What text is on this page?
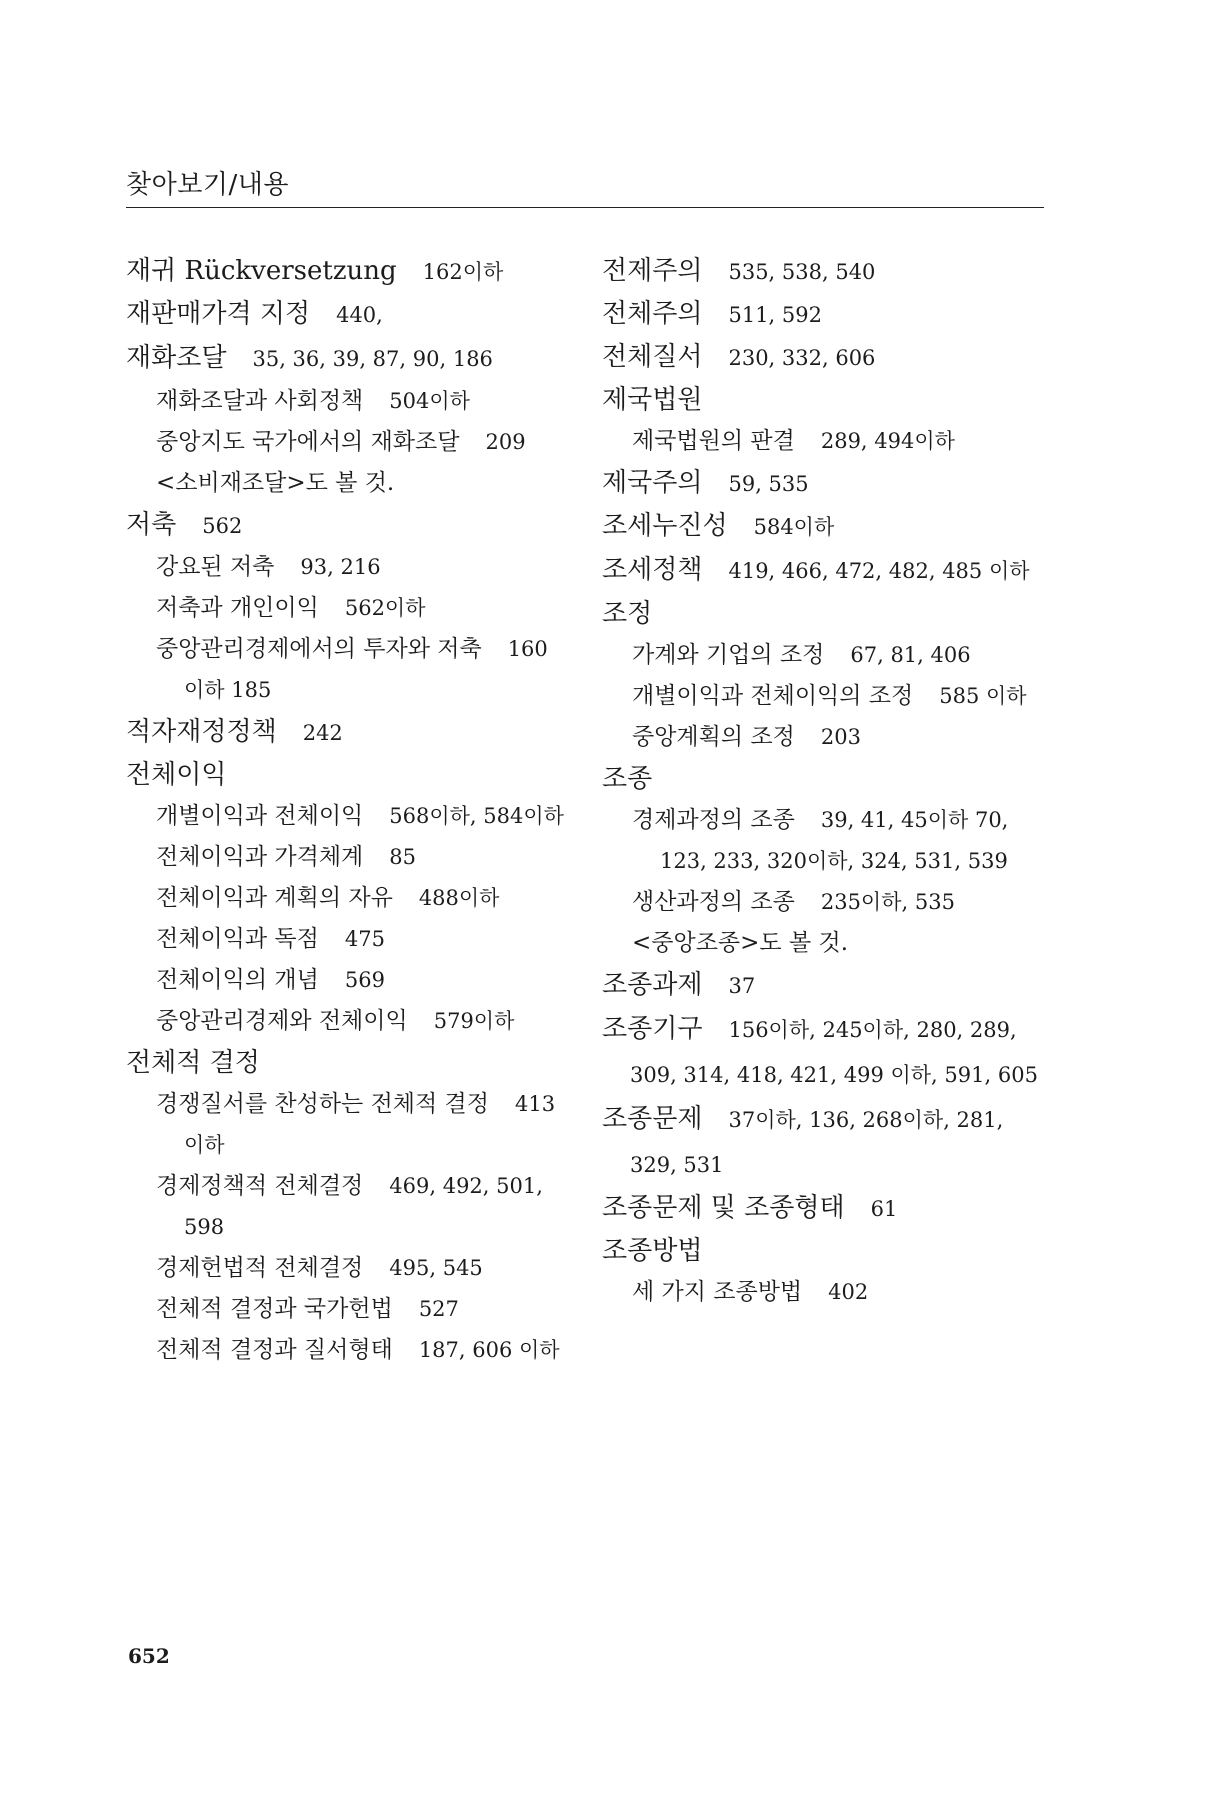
찾아보기/내용
재귀 Rückversetzung 162이하
재판매가격 지정 440,
재화조달 35, 36, 39, 87, 90, 186
재화조달과 사회정책 504이하
중앙지도 국가에서의 재화조달 209
<소비재조달>도 볼 것.
저축 562
강요된 저축 93, 216
저축과 개인이익 562이하
중앙관리경제에서의 투자와 저축 160이하 185
적자재정정책 242
전체이익
개별이익과 전체이익 568이하, 584이하
전체이익과 가격체계 85
전체이익과 계획의 자유 488이하
전체이익과 독점 475
전체이익의 개념 569
중앙관리경제와 전체이익 579이하
전체적 결정
경쟁질서를 찬성하는 전체적 결정 413이하
경제정책적 전체결정 469, 492, 501, 598
경제헌법적 전체결정 495, 545
전체적 결정과 국가헌법 527
전체적 결정과 질서형태 187, 606 이하
전제주의 535, 538, 540
전체주의 511, 592
전체질서 230, 332, 606
제국법원
제국법원의 판결 289, 494이하
제국주의 59, 535
조세누진성 584이하
조세정책 419, 466, 472, 482, 485 이하
조정
가계와 기업의 조정 67, 81, 406
개별이익과 전체이익의 조정 585 이하
중앙계획의 조정 203
조종
경제과정의 조종 39, 41, 45이하 70, 123, 233, 320이하, 324, 531, 539
생산과정의 조종 235이하, 535
<중앙조종>도 볼 것.
조종과제 37
조종기구 156이하, 245이하, 280, 289, 309, 314, 418, 421, 499 이하, 591, 605
조종문제 37이하, 136, 268이하, 281, 329, 531
조종문제 및 조종형태 61
조종방법
세 가지 조종방법 402
652
